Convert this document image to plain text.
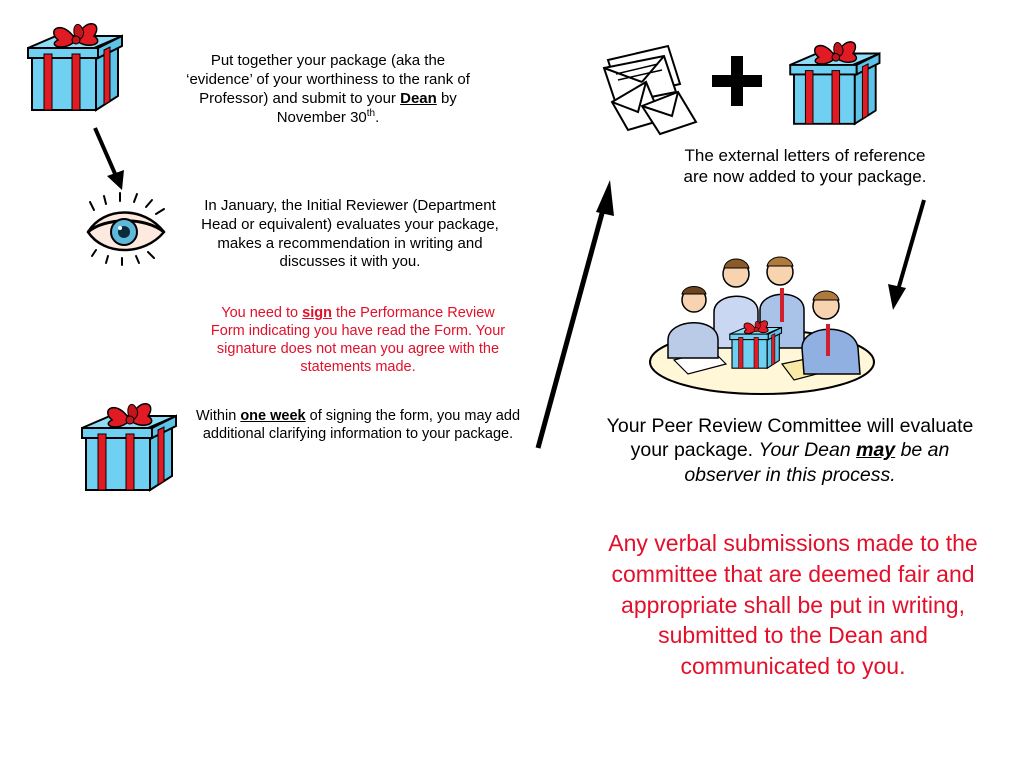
Put together your package (aka the
‘evidence’ of your worthiness to the rank of
Professor) and submit to your Dean by
November 30th.
In January, the Initial Reviewer (Department Head or equivalent) evaluates your package, makes a recommendation in writing and discusses it with you.
You need to sign the Performance Review Form indicating you have read the Form. Your signature does not mean you agree with the statements made.
Within one week of signing the form, you may add additional clarifying information to your package.
The external letters of reference
are now added to your package.
Your Peer Review Committee will evaluate your package. Your Dean may be an observer in this process.
Any verbal submissions made to the committee that are deemed fair and appropriate shall be put in writing, submitted to the Dean and communicated to you.
